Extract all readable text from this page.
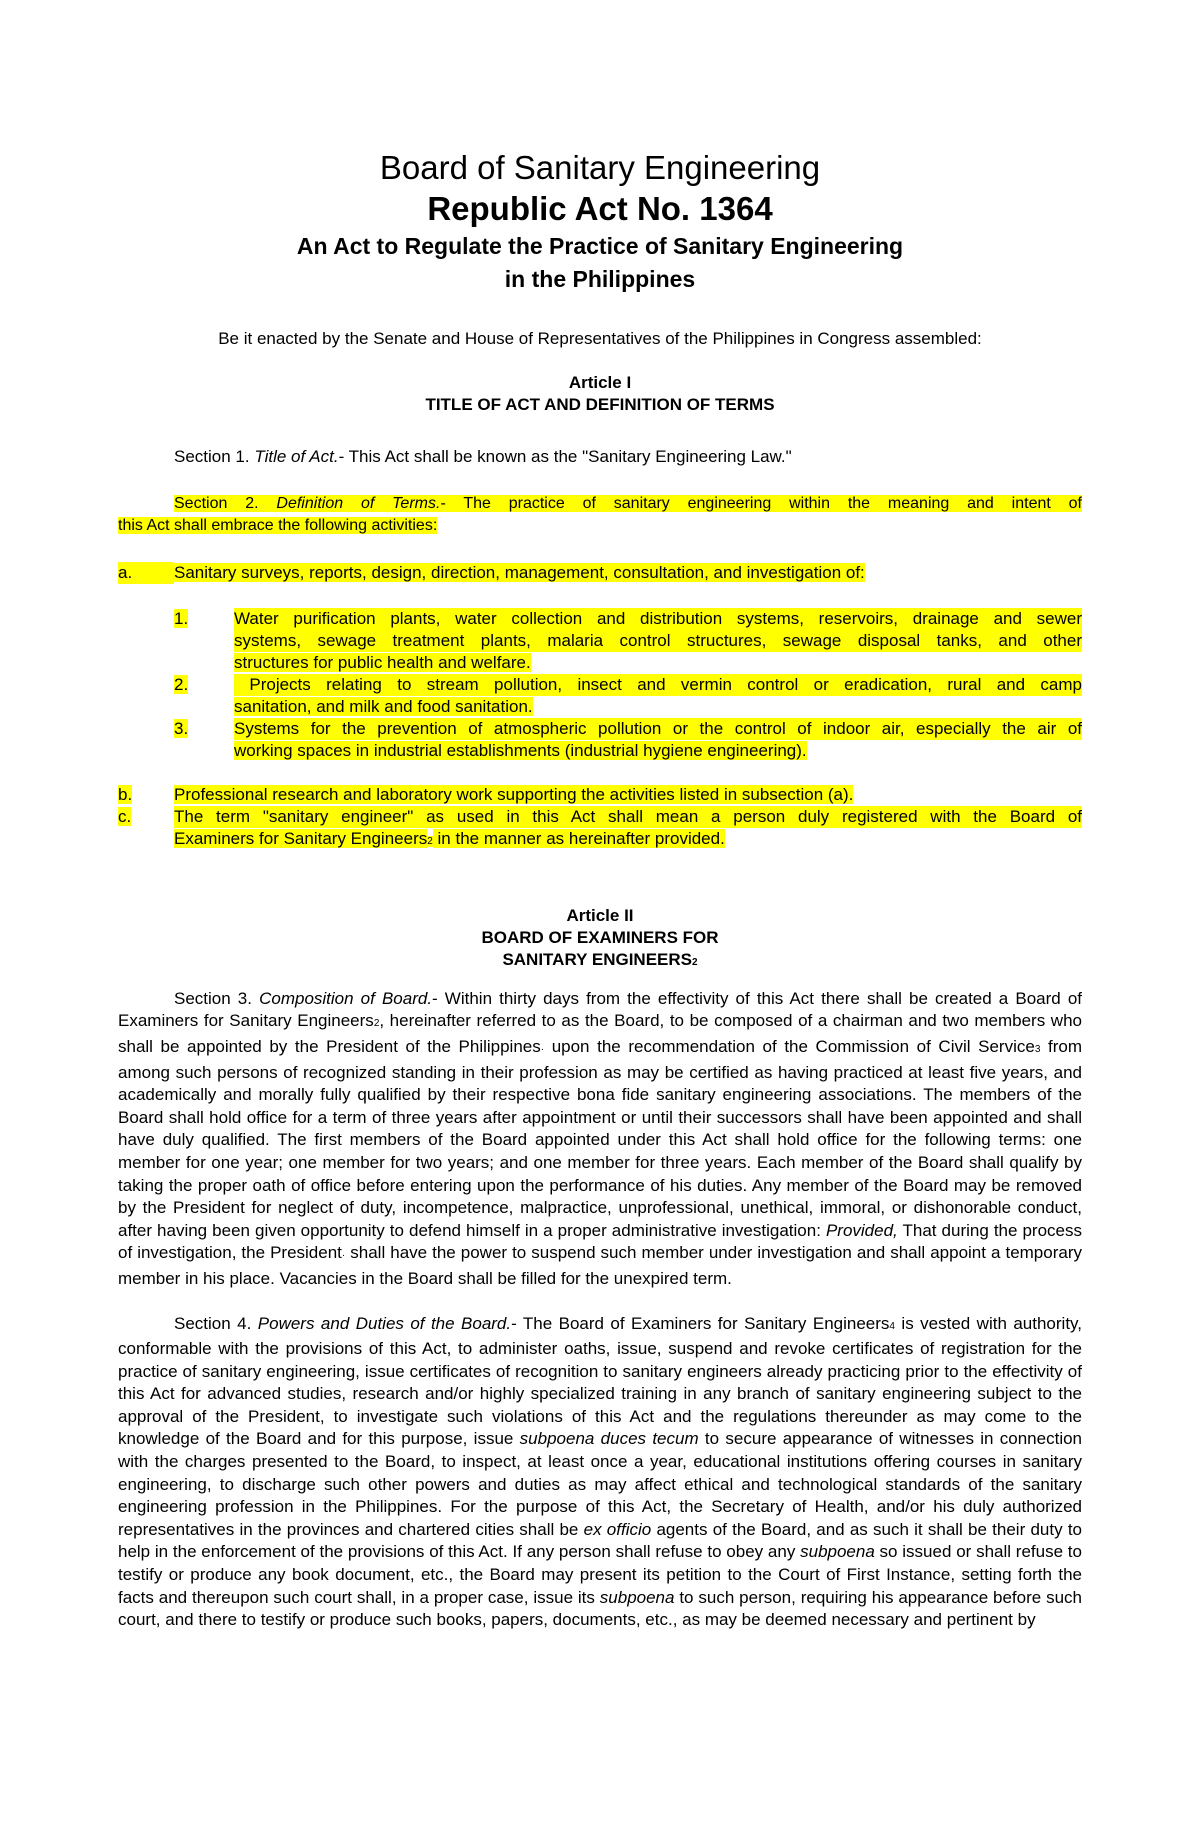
Board of Sanitary Engineering
Republic Act No. 1364
An Act to Regulate the Practice of Sanitary Engineering
in the Philippines

Be it enacted by the Senate and House of Representatives of the Philippines in Congress assembled:

Article I

TITLE OF ACT AND DEFINITION OF TERMS

Section 1. Title of Act.- This Act shall be known as the "Sanitary Engineering Law."

Section 2. Definition of Terms.- The practice of sanitary engineering within the meaning and intent of
this Act shall embrace the following activities:
a.	Sanitary surveys, reports, design, direction, management, consultation, and investigation of:
1.	Water purification plants, water collection and distribution systems, reservoirs, drainage and sewer
systems, sewage treatment plants, malaria control structures, sewage disposal tanks, and other
structures for public health and welfare.
2.	Projects relating to stream pollution, insect and vermin control or eradication, rural and camp
sanitation, and milk and food sanitation.
3.	Systems for the prevention of atmospheric pollution or the control of indoor air, especially the air of
working spaces in industrial establishments (industrial hygiene engineering).
b.	Professional research and laboratory work supporting the activities listed in subsection (a).
c.	The term "sanitary engineer" as used in this Act shall mean a person duly registered with the Board of
Examiners for Sanitary Engineers2 in the manner as hereinafter provided.

Article II

BOARD OF EXAMINERS FOR

SANITARY ENGINEERS2

Section 3. Composition of Board.- Within thirty days from the effectivity of this Act there shall be created a Board of Examiners for Sanitary Engineers2, hereinafter referred to as the Board, to be composed of a chairman and two members who shall be appointed by the President of the Philippines· upon the recommendation of the Commission of Civil Service3 from among such persons of recognized standing in their profession as may be certified as having practiced at least five years, and academically and morally fully qualified by their respective bona fide sanitary engineering associations. The members of the Board shall hold office for a term of three years after appointment or until their successors shall have been appointed and shall have duly qualified. The first members of the Board appointed under this Act shall hold office for the following terms: one member for one year; one member for two years; and one member for three years. Each member of the Board shall qualify by taking the proper oath of office before entering upon the performance of his duties. Any member of the Board may be removed by the President for neglect of duty, incompetence, malpractice, unprofessional, unethical, immoral, or dishonorable conduct, after having been given opportunity to defend himself in a proper administrative investigation: Provided, That during the process of investigation, the President· shall have the power to suspend such member under investigation and shall appoint a temporary member in his place. Vacancies in the Board shall be filled for the unexpired term.

Section 4. Powers and Duties of the Board.- The Board of Examiners for Sanitary Engineers4 is vested with authority, conformable with the provisions of this Act, to administer oaths, issue, suspend and revoke certificates of registration for the practice of sanitary engineering, issue certificates of recognition to sanitary engineers already practicing prior to the effectivity of this Act for advanced studies, research and/or highly specialized training in any branch of sanitary engineering subject to the approval of the President, to investigate such violations of this Act and the regulations thereunder as may come to the knowledge of the Board and for this purpose, issue subpoena duces tecum to secure appearance of witnesses in connection with the charges presented to the Board, to inspect, at least once a year, educational institutions offering courses in sanitary engineering, to discharge such other powers and duties as may affect ethical and technological standards of the sanitary engineering profession in the Philippines. For the purpose of this Act, the Secretary of Health, and/or his duly authorized representatives in the provinces and chartered cities shall be ex officio agents of the Board, and as such it shall be their duty to help in the enforcement of the provisions of this Act. If any person shall refuse to obey any subpoena so issued or shall refuse to testify or produce any book document, etc., the Board may present its petition to the Court of First Instance, setting forth the facts and thereupon such court shall, in a proper case, issue its subpoena to such person, requiring his appearance before such court, and there to testify or produce such books, papers, documents, etc., as may be deemed necessary and pertinent by
